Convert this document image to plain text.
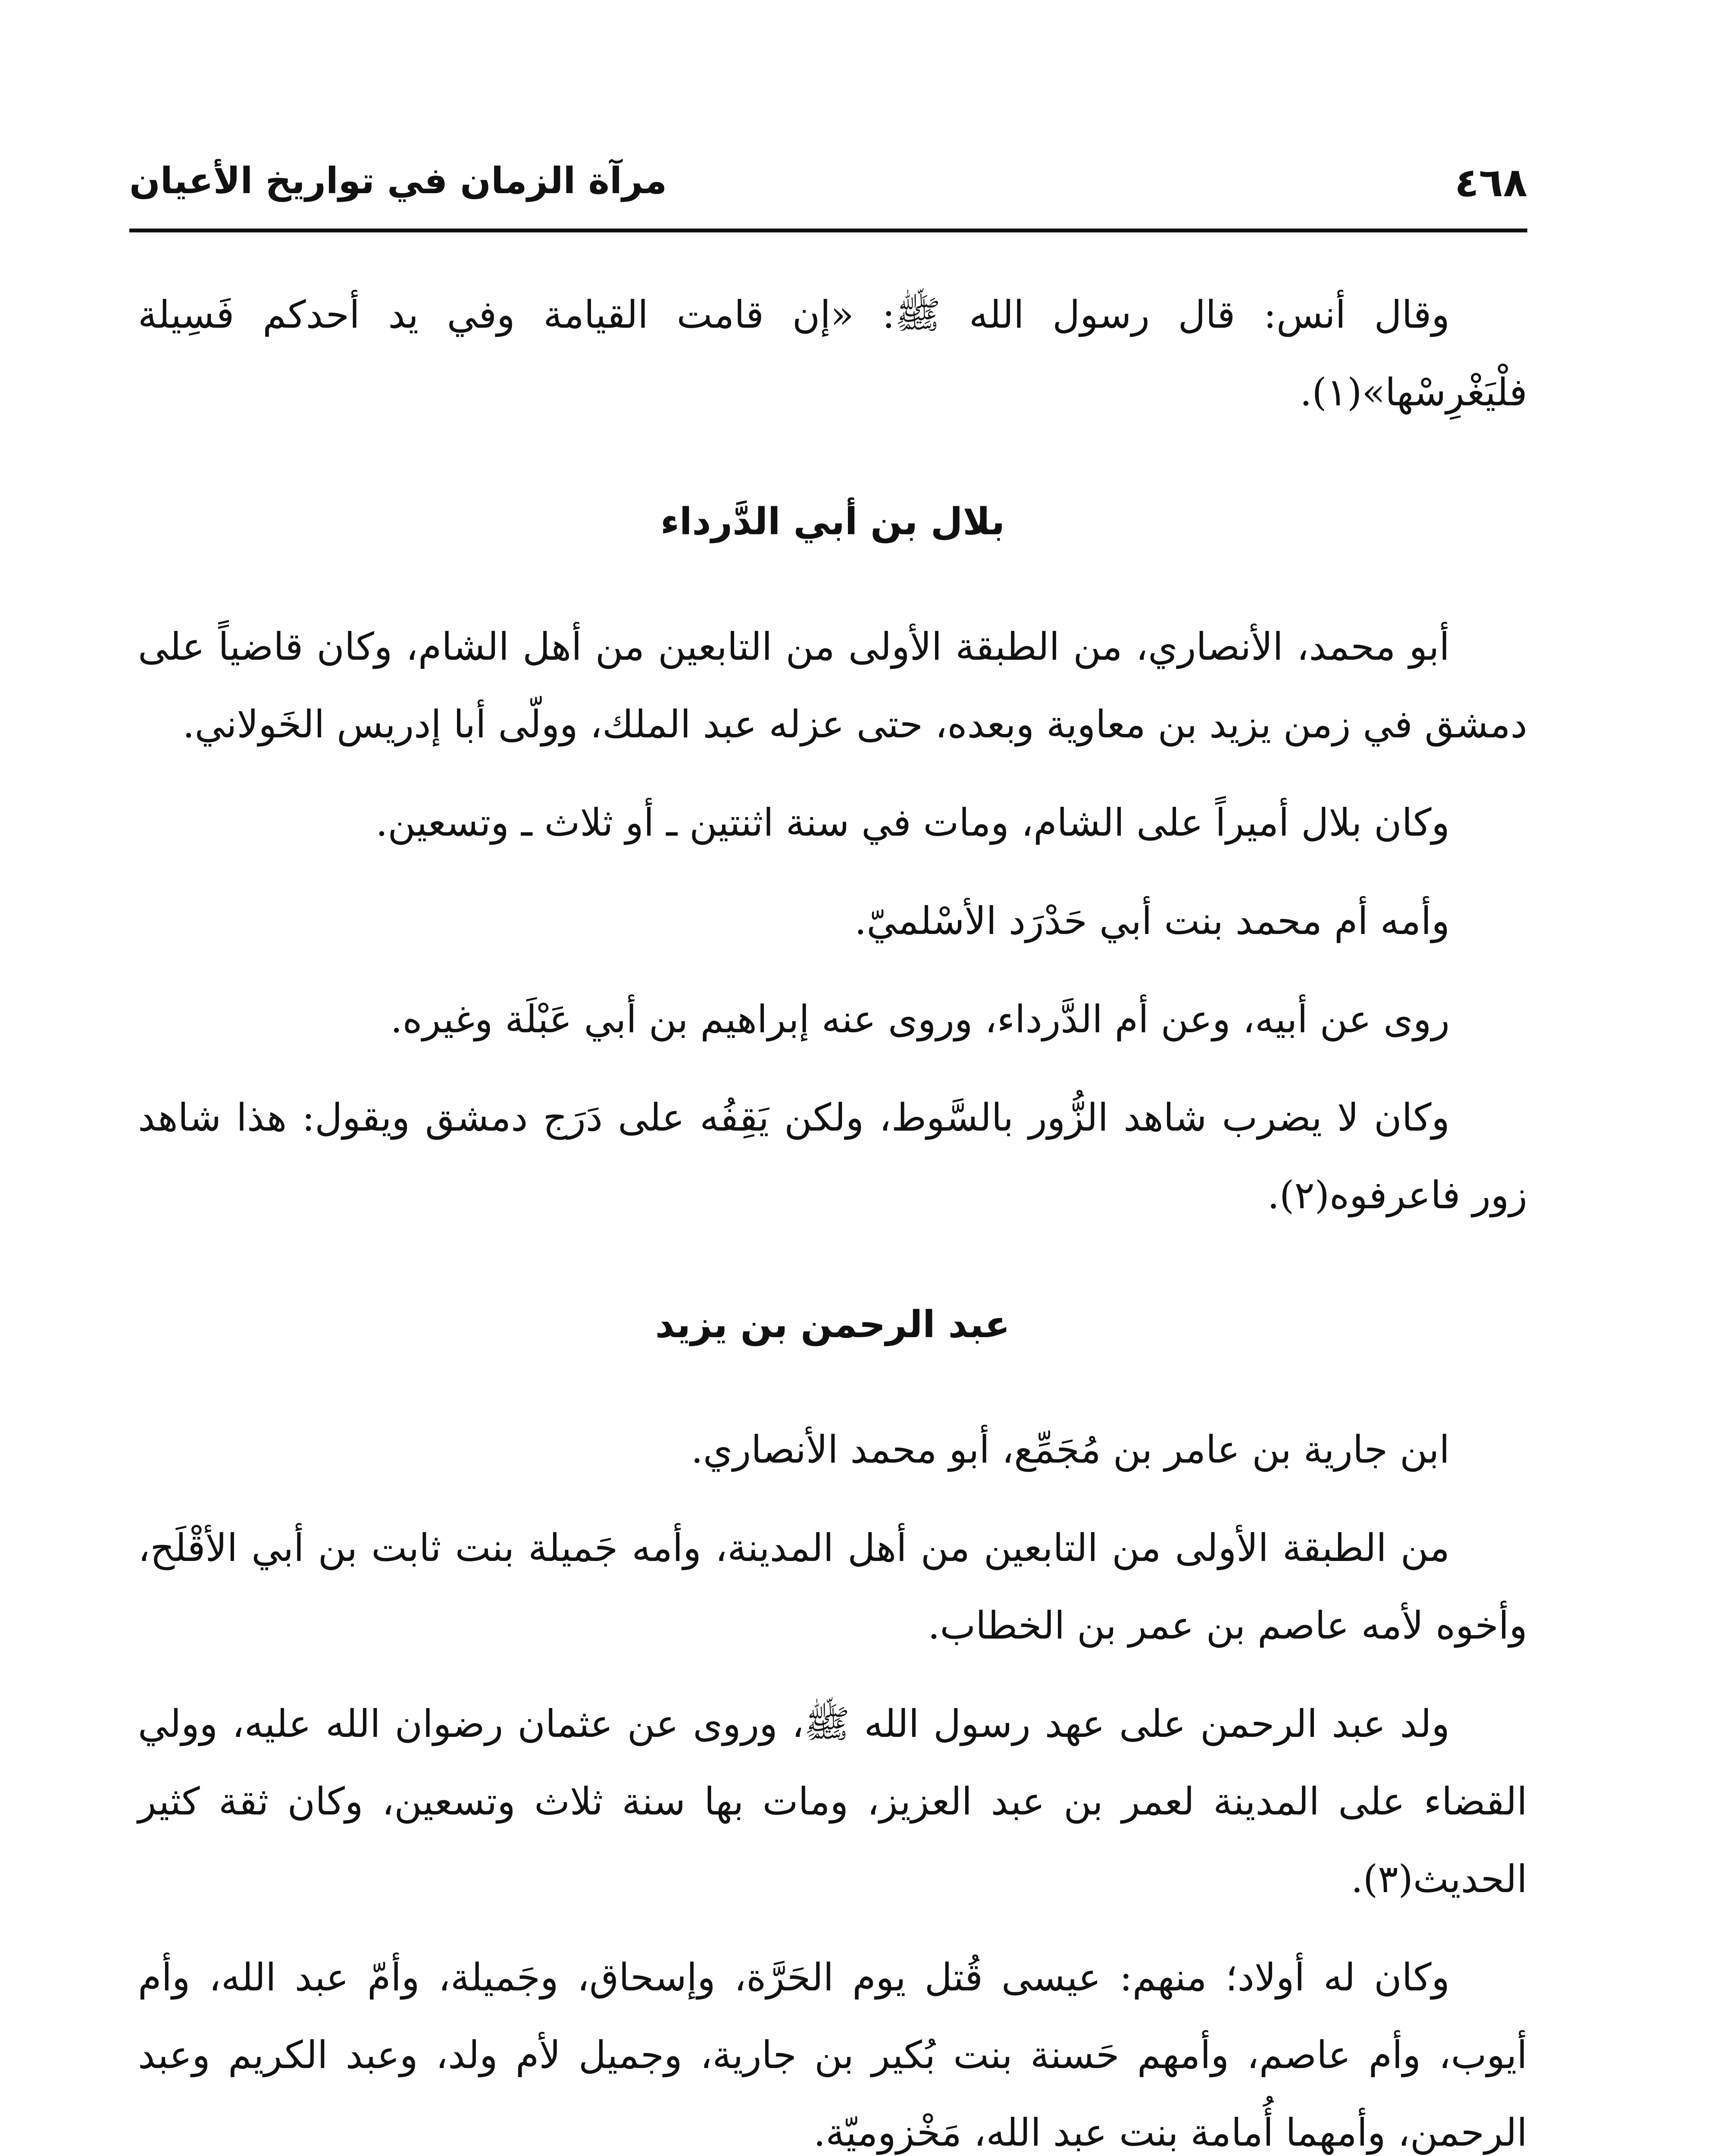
٤٦٨
مرآة الزمان في تواريخ الأعيان

وقال أنس: قال رسول الله ﷺ: «إن قامت القيامة وفي يد أحدكم فَسِيلة فلْيَغْرِسْها»(١).

بلال بن أبي الدَّرداء

أبو محمد، الأنصاري، من الطبقة الأولى من التابعين من أهل الشام، وكان قاضياً على دمشق في زمن يزيد بن معاوية وبعده، حتى عزله عبد الملك، وولّى أبا إدريس الخَولاني.

وكان بلال أميراً على الشام، ومات في سنة اثنتين ـ أو ثلاث ـ وتسعين.

وأمه أم محمد بنت أبي حَدْرَد الأسْلميّ.

روى عن أبيه، وعن أم الدَّرداء، وروى عنه إبراهيم بن أبي عَبْلَة وغيره.

وكان لا يضرب شاهد الزُّور بالسَّوط، ولكن يَقِفُه على دَرَج دمشق ويقول: هذا شاهد زور فاعرفوه(٢).

عبد الرحمن بن يزيد

ابن جارية بن عامر بن مُجَمِّع، أبو محمد الأنصاري.

من الطبقة الأولى من التابعين من أهل المدينة، وأمه جَميلة بنت ثابت بن أبي الأقْلَح، وأخوه لأمه عاصم بن عمر بن الخطاب.

ولد عبد الرحمن على عهد رسول الله ﷺ، وروى عن عثمان رضوان الله عليه، وولي القضاء على المدينة لعمر بن عبد العزيز، ومات بها سنة ثلاث وتسعين، وكان ثقة كثير الحديث(٣).

وكان له أولاد؛ منهم: عيسى قُتل يوم الحَرَّة، وإسحاق، وجَميلة، وأمّ عبد الله، وأم أيوب، وأم عاصم، وأمهم حَسنة بنت بُكير بن جارية، وجميل لأم ولد، وعبد الكريم وعبد الرحمن، وأمهما أُمامة بنت عبد الله، مَخْزوميّة.
